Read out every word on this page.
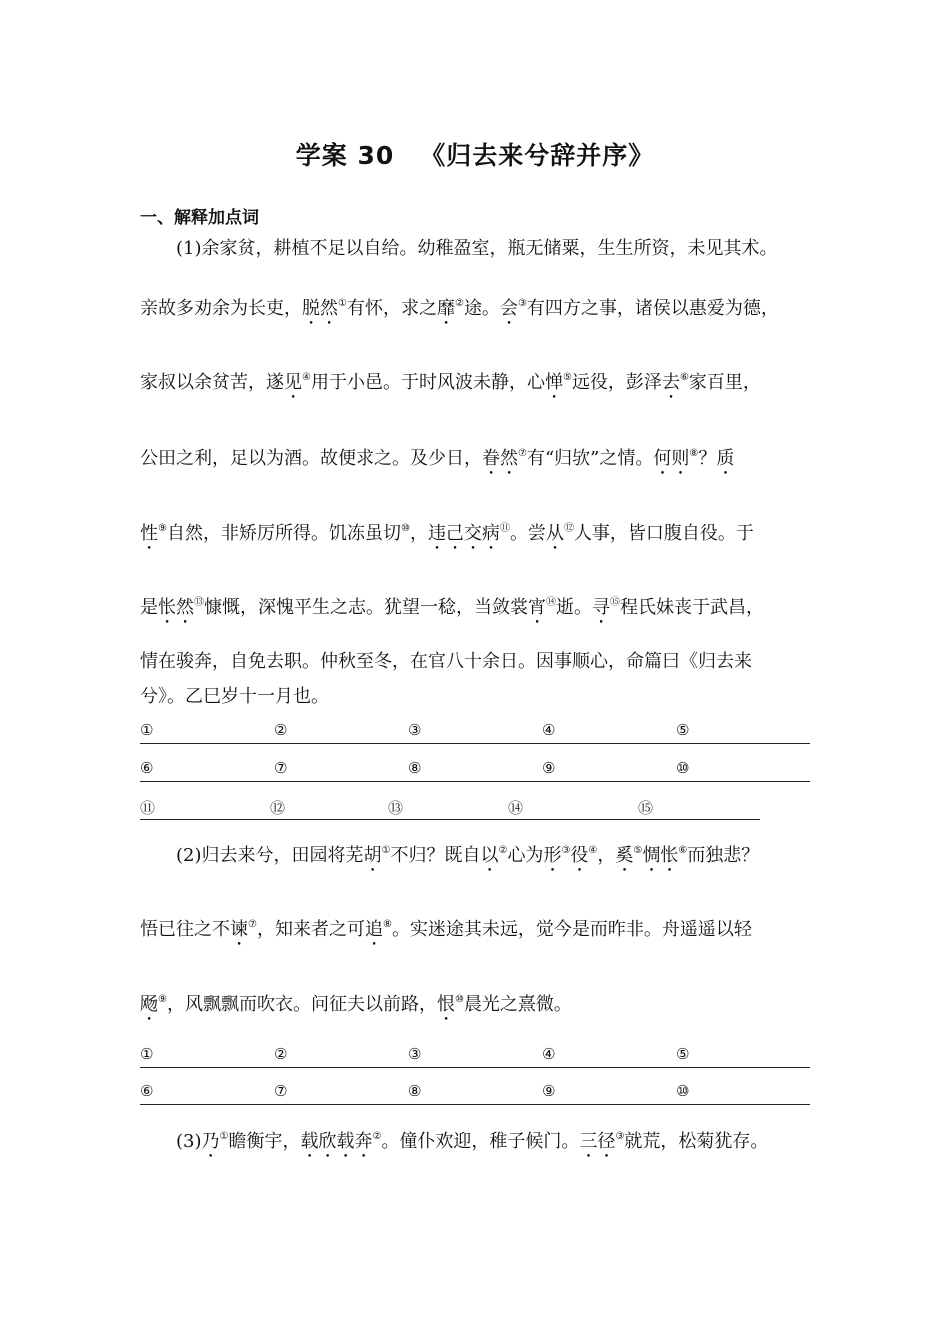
学案 30 《归去来兮辞并序》
一、解释加点词
(1)余家贫，耕植不足以自给。幼稚盈室，瓶无储粟，生生所资，未见其术。
亲故多劝余为长吏，脱然①有怀，求之靡②途。会③有四方之事，诸侯以惠爱为德，
家叔以余贫苦，遂见④用于小邑。于时风波未静，心惮⑤远役，彭泽去⑥家百里，
公田之利，足以为酒。故便求之。及少日，眷然⑦有“归欤”之情。何则⑧？质
性⑨自然，非矫厉所得。饥冻虽切⑩，违己交病⑪。尝从⑫人事，皆口腹自役。于
是怅然⑬慷慨，深愧平生之志。犹望一稔，当敛裳宵⑭逝。寻⑮程氏妹丧于武昌，
情在骏奔，自免去职。仲秋至冬，在官八十余日。因事顺心，命篇曰《归去来
兮》。乙巳岁十一月也。
①	②	③	④	⑤
⑥	⑦	⑧	⑨	⑩
⑪	⑫	⑬	⑭	⑮
(2)归去来兮，田园将芜胡①不归？既自以②心为形③役④，奚⑤惆怅⑥而独悲？
悟已往之不谏⑦，知来者之可追⑧。实迷途其未远，觉今是而昨非。舟遥遥以轻
飏⑨，风飘飘而吹衣。问征夫以前路，恨⑩晨光之熹微。
①	②	③	④	⑤
⑥	⑦	⑧	⑨	⑩
(3)乃①瞻衡宇，载欣载奔②。僮仆欢迎，稚子候门。三径③就荒，松菊犹存。
